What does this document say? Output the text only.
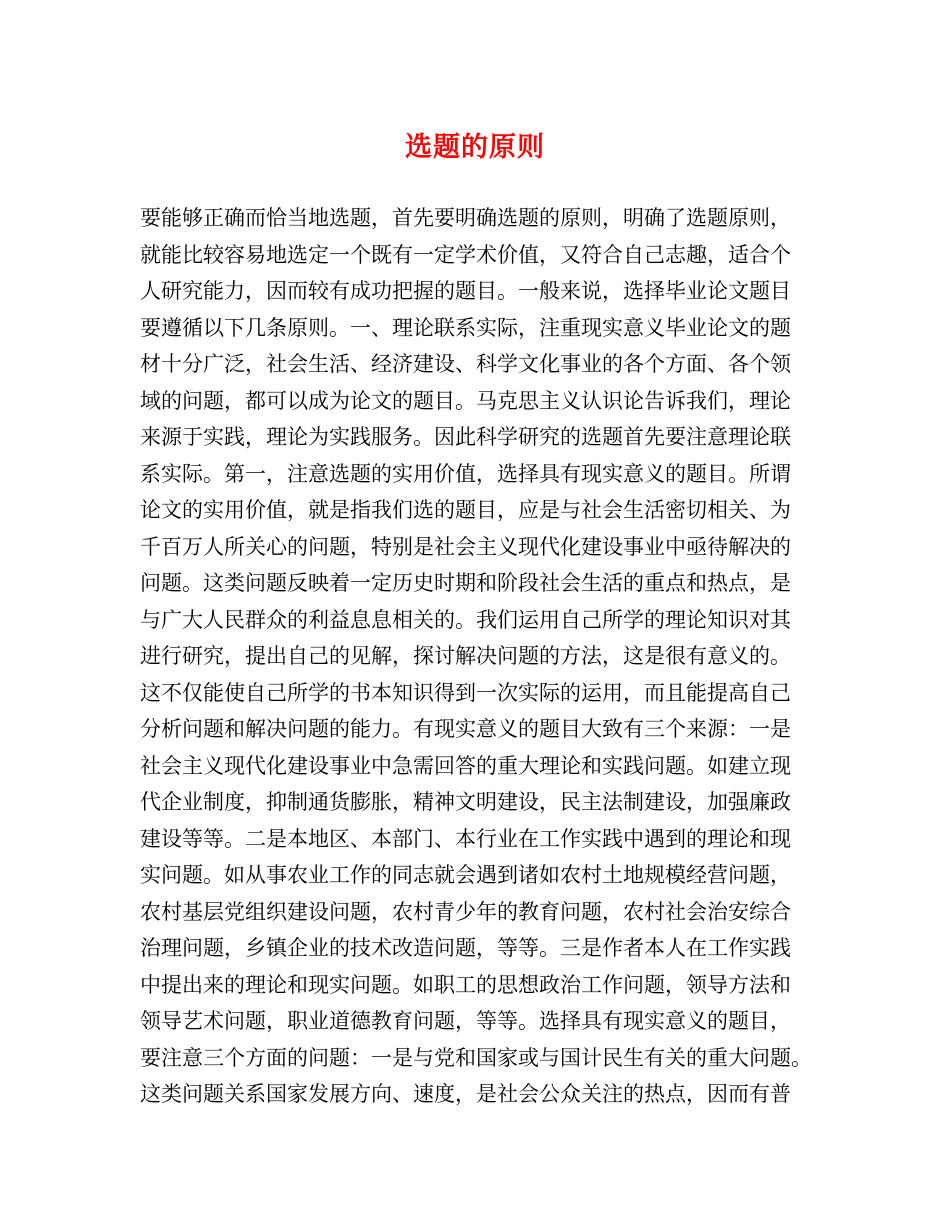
选题的原则
要能够正确而恰当地选题，首先要明确选题的原则，明确了选题原则，
就能比较容易地选定一个既有一定学术价值，又符合自己志趣，适合个
人研究能力，因而较有成功把握的题目。一般来说，选择毕业论文题目
要遵循以下几条原则。一、理论联系实际，注重现实意义毕业论文的题
材十分广泛，社会生活、经济建设、科学文化事业的各个方面、各个领
域的问题，都可以成为论文的题目。马克思主义认识论告诉我们，理论
来源于实践，理论为实践服务。因此科学研究的选题首先要注意理论联
系实际。第一，注意选题的实用价值，选择具有现实意义的题目。所谓
论文的实用价值，就是指我们选的题目，应是与社会生活密切相关、为
千百万人所关心的问题，特别是社会主义现代化建设事业中亟待解决的
问题。这类问题反映着一定历史时期和阶段社会生活的重点和热点，是
与广大人民群众的利益息息相关的。我们运用自己所学的理论知识对其
进行研究，提出自己的见解，探讨解决问题的方法，这是很有意义的。
这不仅能使自己所学的书本知识得到一次实际的运用，而且能提高自己
分析问题和解决问题的能力。有现实意义的题目大致有三个来源：一是
社会主义现代化建设事业中急需回答的重大理论和实践问题。如建立现
代企业制度，抑制通货膨胀，精神文明建设，民主法制建设，加强廉政
建设等等。二是本地区、本部门、本行业在工作实践中遇到的理论和现
实问题。如从事农业工作的同志就会遇到诸如农村土地规模经营问题，
农村基层党组织建设问题，农村青少年的教育问题，农村社会治安综合
治理问题，乡镇企业的技术改造问题，等等。三是作者本人在工作实践
中提出来的理论和现实问题。如职工的思想政治工作问题，领导方法和
领导艺术问题，职业道德教育问题，等等。选择具有现实意义的题目，
要注意三个方面的问题：一是与党和国家或与国计民生有关的重大问题。
这类问题关系国家发展方向、速度，是社会公众关注的热点，因而有普
